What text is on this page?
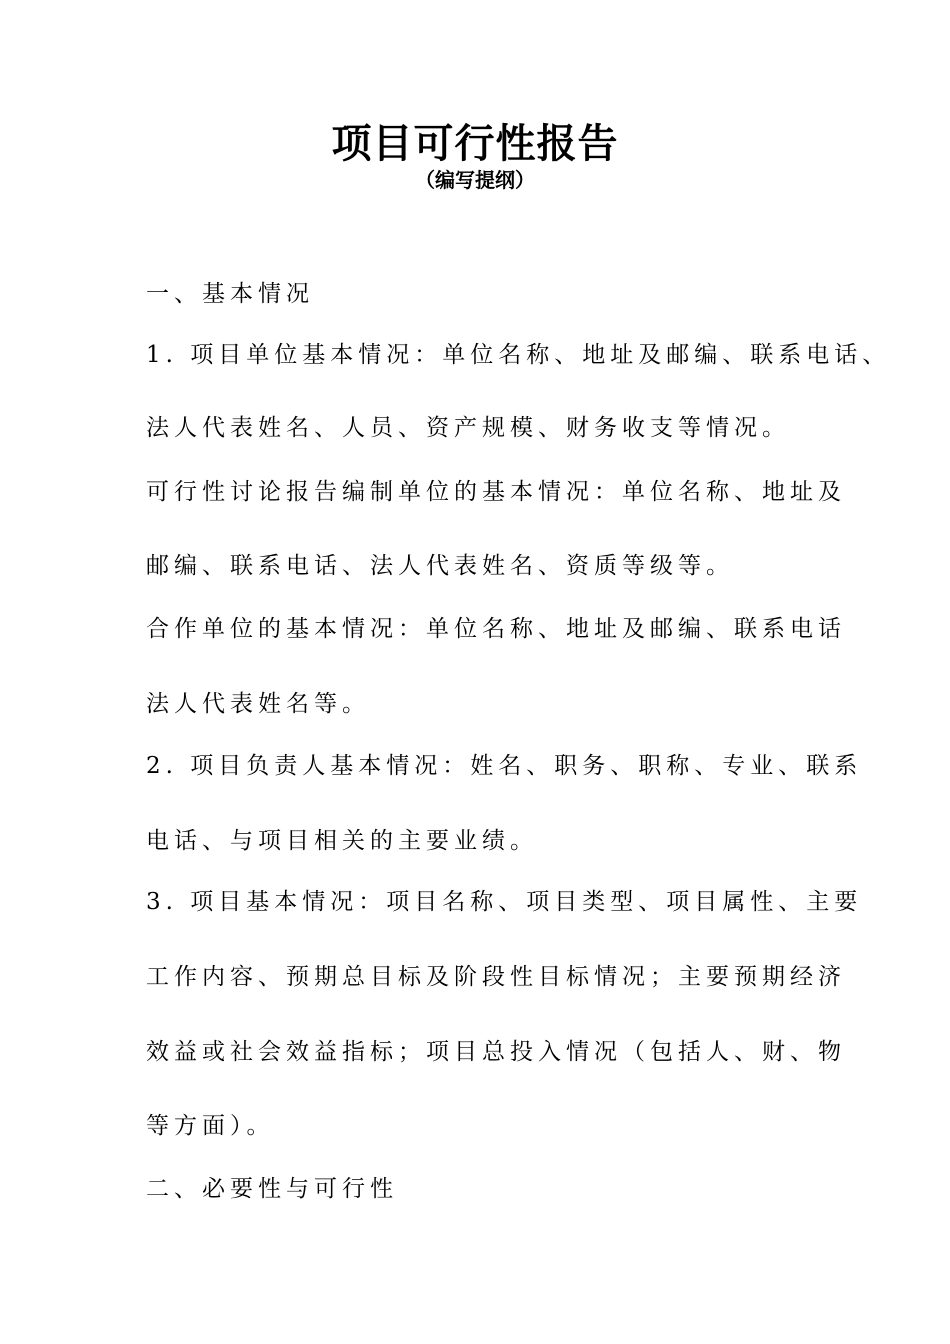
项目可行性报告
（编写提纲）
一、基本情况
1. 项目单位基本情况：单位名称、地址及邮编、联系电话、
法人代表姓名、人员、资产规模、财务收支等情况。
可行性讨论报告编制单位的基本情况：单位名称、地址及
邮编、联系电话、法人代表姓名、资质等级等。
合作单位的基本情况：单位名称、地址及邮编、联系电话
法人代表姓名等。
2. 项目负责人基本情况：姓名、职务、职称、专业、联系
电话、与项目相关的主要业绩。
3. 项目基本情况：项目名称、项目类型、项目属性、主要
工作内容、预期总目标及阶段性目标情况；主要预期经济
效益或社会效益指标；项目总投入情况（包括人、财、物
等方面）。
二、必要性与可行性
